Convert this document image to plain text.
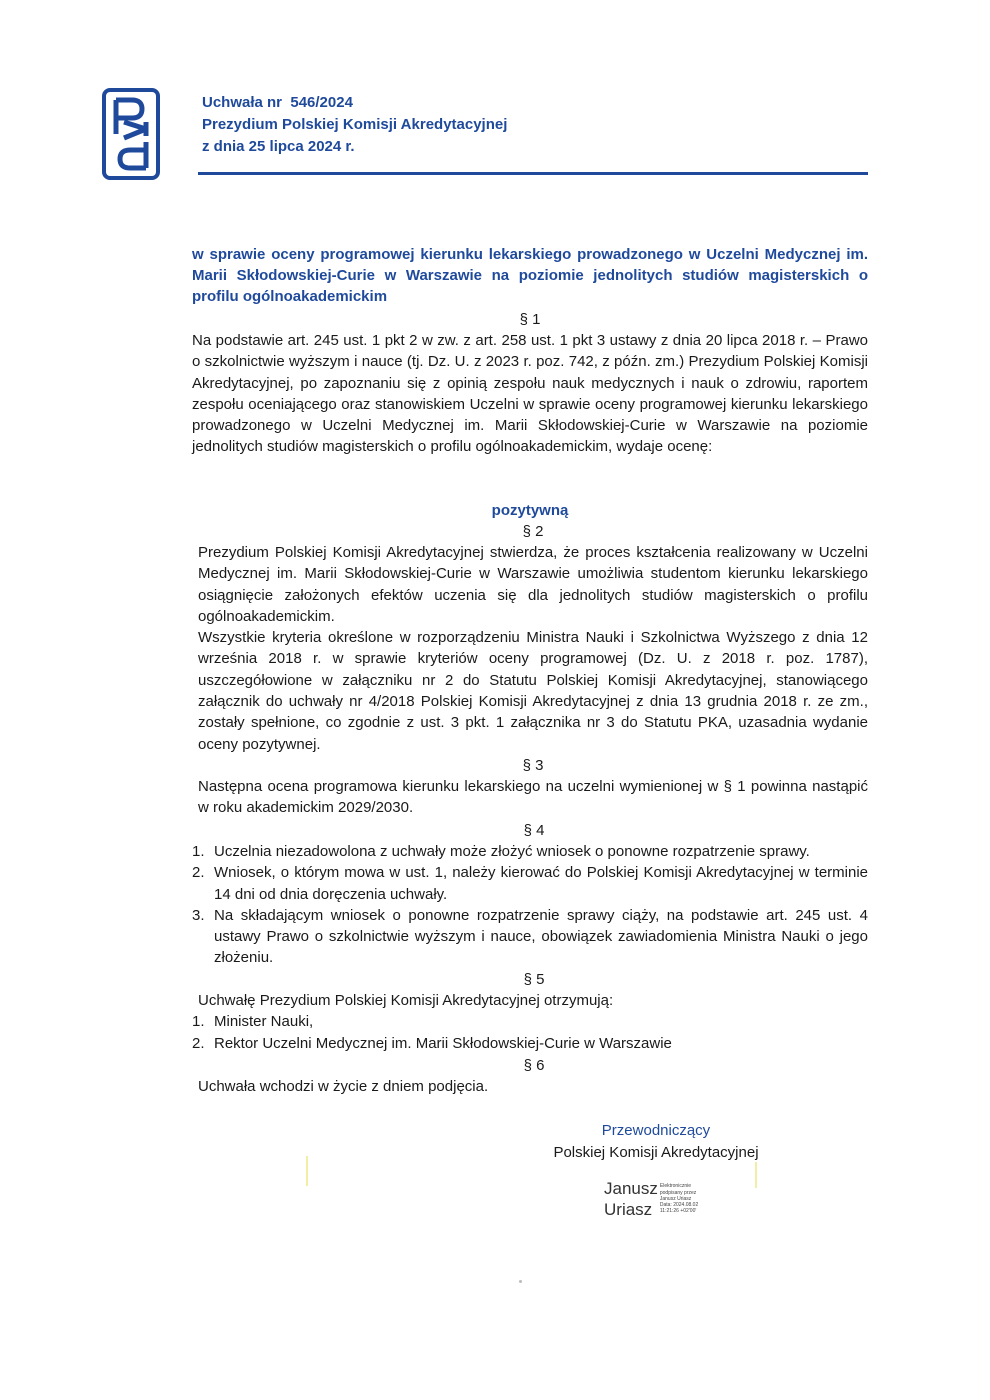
Uchwała nr  546/2024
Prezydium Polskiej Komisji Akredytacyjnej
z dnia 25 lipca 2024 r.
w sprawie oceny programowej kierunku lekarskiego prowadzonego w Uczelni Medycznej im. Marii Skłodowskiej-Curie w Warszawie na poziomie jednolitych studiów magisterskich o profilu ogólnoakademickim
§ 1
Na podstawie art. 245 ust. 1 pkt 2 w zw. z art. 258 ust. 1 pkt 3 ustawy z dnia 20 lipca 2018 r. – Prawo o szkolnictwie wyższym i nauce (tj. Dz. U. z 2023 r. poz. 742, z późn. zm.) Prezydium Polskiej Komisji Akredytacyjnej, po zapoznaniu się z opinią zespołu nauk medycznych i nauk o zdrowiu, raportem zespołu oceniającego oraz stanowiskiem Uczelni w sprawie oceny programowej kierunku lekarskiego prowadzonego w Uczelni Medycznej im. Marii Skłodowskiej-Curie w Warszawie na poziomie jednolitych studiów magisterskich o profilu ogólnoakademickim, wydaje ocenę:
pozytywną
§ 2
Prezydium Polskiej Komisji Akredytacyjnej stwierdza, że proces kształcenia realizowany w Uczelni Medycznej im. Marii Skłodowskiej-Curie w Warszawie umożliwia studentom kierunku lekarskiego osiągnięcie założonych efektów uczenia się dla jednolitych studiów magisterskich o profilu ogólnoakademickim.
Wszystkie kryteria określone w rozporządzeniu Ministra Nauki i Szkolnictwa Wyższego z dnia 12 września 2018 r. w sprawie kryteriów oceny programowej (Dz. U. z 2018 r. poz. 1787), uszczegółowione w załączniku nr 2 do Statutu Polskiej Komisji Akredytacyjnej, stanowiącego załącznik do uchwały nr 4/2018 Polskiej Komisji Akredytacyjnej z dnia 13 grudnia 2018 r. ze zm., zostały spełnione, co zgodnie z ust. 3 pkt. 1 załącznika nr 3 do Statutu PKA, uzasadnia wydanie oceny pozytywnej.
§ 3
Następna ocena programowa kierunku lekarskiego na uczelni wymienionej w § 1 powinna nastąpić w roku akademickim 2029/2030.
§ 4
1. Uczelnia niezadowolona z uchwały może złożyć wniosek o ponowne rozpatrzenie sprawy.
2. Wniosek, o którym mowa w ust. 1, należy kierować do Polskiej Komisji Akredytacyjnej w terminie 14 dni od dnia doręczenia uchwały.
3. Na składającym wniosek o ponowne rozpatrzenie sprawy ciąży, na podstawie art. 245 ust. 4 ustawy Prawo o szkolnictwie wyższym i nauce, obowiązek zawiadomienia Ministra Nauki o jego złożeniu.
§ 5
Uchwałę Prezydium Polskiej Komisji Akredytacyjnej otrzymują:
1. Minister Nauki,
2. Rektor Uczelni Medycznej im. Marii Skłodowskiej-Curie w Warszawie
§ 6
Uchwała wchodzi w życie z dniem podjęcia.
Przewodniczący
Polskiej Komisji Akredytacyjnej
Janusz
Uriasz
Elektronicznie
podpisany przez
Janusz Uriasz
Data: 2024.08.02
11:21:26 +02'00'
